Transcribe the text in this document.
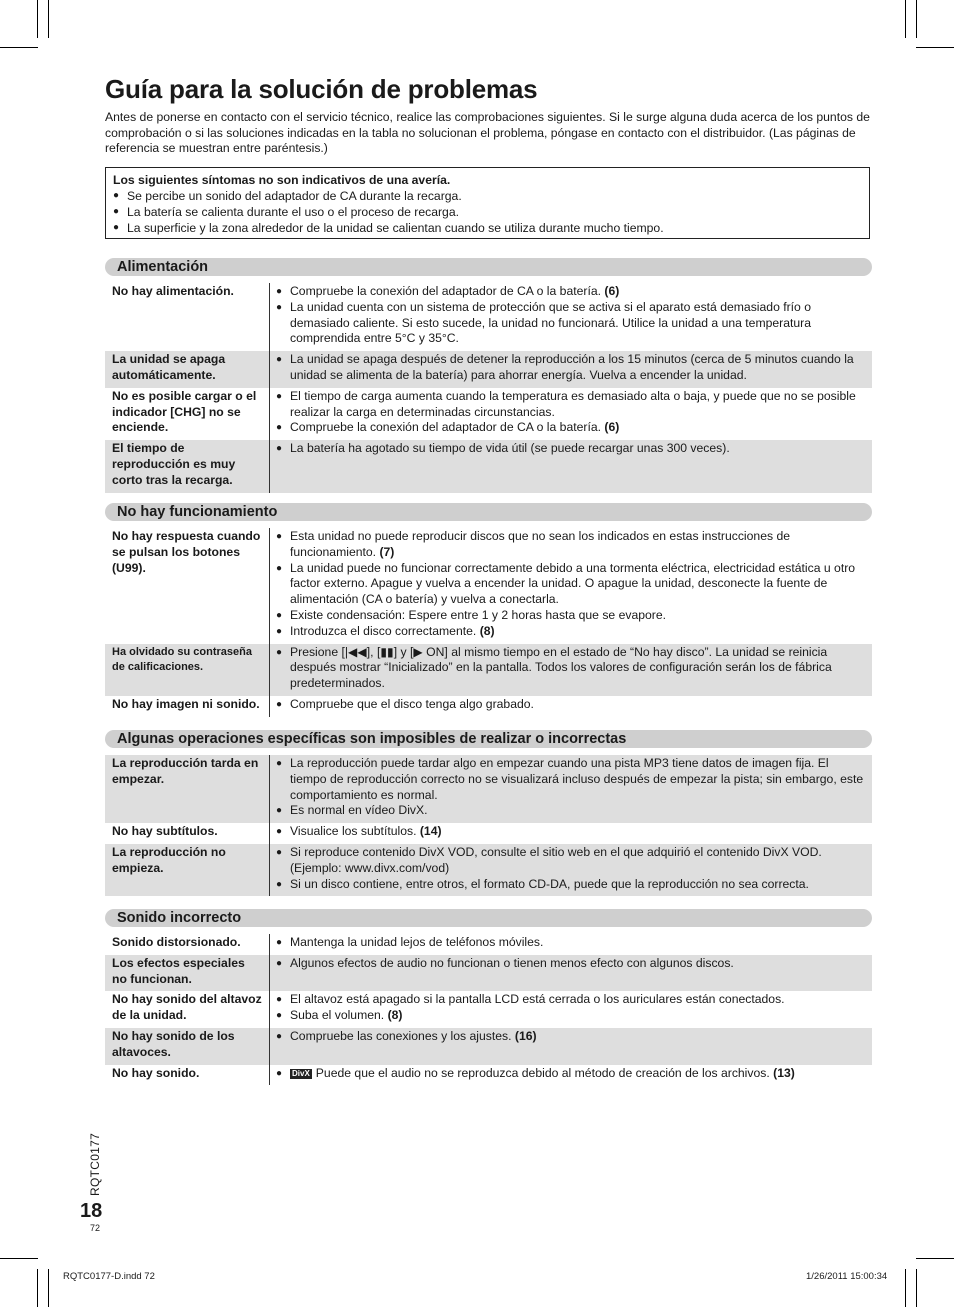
Guía para la solución de problemas

Antes de ponerse en contacto con el servicio técnico, realice las comprobaciones siguientes. Si le surge alguna duda acerca de los puntos de comprobación o si las soluciones indicadas en la tabla no solucionan el problema, póngase en contacto con el distribuidor. (Las páginas de referencia se muestran entre paréntesis.)

Los siguientes síntomas no son indicativos de una avería.
● Se percibe un sonido del adaptador de CA durante la recarga.
● La batería se calienta durante el uso o el proceso de recarga.
● La superficie y la zona alrededor de la unidad se calientan cuando se utiliza durante mucho tiempo.
Alimentación
No hay alimentación.	● Compruebe la conexión del adaptador de CA o la batería. (6)
● La unidad cuenta con un sistema de protección que se activa si el aparato está demasiado frío o demasiado caliente. Si esto sucede, la unidad no funcionará. Utilice la unidad a una temperatura comprendida entre 5°C y 35°C.
La unidad se apaga automáticamente.
● La unidad se apaga después de detener la reproducción a los 15 minutos (cerca de 5 minutos cuando la unidad se alimenta de la batería) para ahorrar energía. Vuelva a encender la unidad.
No es posible cargar o el indicador [CHG] no se enciende.
● El tiempo de carga aumenta cuando la temperatura es demasiado alta o baja, y puede que no se posible realizar la carga en determinadas circunstancias.
● Compruebe la conexión del adaptador de CA o la batería. (6)
El tiempo de reproducción es muy corto tras la recarga.
● La batería ha agotado su tiempo de vida útil (se puede recargar unas 300 veces).
No hay funcionamiento
No hay respuesta cuando se pulsan los botones (U99).
● Esta unidad no puede reproducir discos que no sean los indicados en estas instrucciones de funcionamiento. (7)
● La unidad puede no funcionar correctamente debido a una tormenta eléctrica, electricidad estática u otro factor externo. Apague y vuelva a encender la unidad. O apague la unidad, desconecte la fuente de alimentación (CA o batería) y vuelva a conectarla.
● Existe condensación: Espere entre 1 y 2 horas hasta que se evapore.
● Introduzca el disco correctamente. (8)
Ha olvidado su contraseña de calificaciones.
● Presione [|◀◀], [▮▮] y [▶ ON] al mismo tiempo en el estado de “No hay disco”. La unidad se reinicia después mostrar “Inicializado” en la pantalla. Todos los valores de configuración serán los de fábrica predeterminados.
No hay imagen ni sonido.	● Compruebe que el disco tenga algo grabado.
Algunas operaciones específicas son imposibles de realizar o incorrectas
La reproducción tarda en empezar.
● La reproducción puede tardar algo en empezar cuando una pista MP3 tiene datos de imagen fija. El tiempo de reproducción correcto no se visualizará incluso después de empezar la pista; sin embargo, este comportamiento es normal.
● Es normal en vídeo DivX.
No hay subtítulos.	● Visualice los subtítulos. (14)
La reproducción no empieza.
● Si reproduce contenido DivX VOD, consulte el sitio web en el que adquirió el contenido DivX VOD. (Ejemplo: www.divx.com/vod)
● Si un disco contiene, entre otros, el formato CD-DA, puede que la reproducción no sea correcta.
Sonido incorrecto
Sonido distorsionado.	● Mantenga la unidad lejos de teléfonos móviles.
Los efectos especiales no funcionan.
● Algunos efectos de audio no funcionan o tienen menos efecto con algunos discos.
No hay sonido del altavoz de la unidad.
● El altavoz está apagado si la pantalla LCD está cerrada o los auriculares están conectados.
● Suba el volumen. (8)
No hay sonido de los altavoces.
● Compruebe las conexiones y los ajustes. (16)
No hay sonido.	● DivX Puede que el audio no se reproduzca debido al método de creación de los archivos. (13)
RQTC0177
18
72
RQTC0177-D.indd 72	1/26/2011 15:00:34
